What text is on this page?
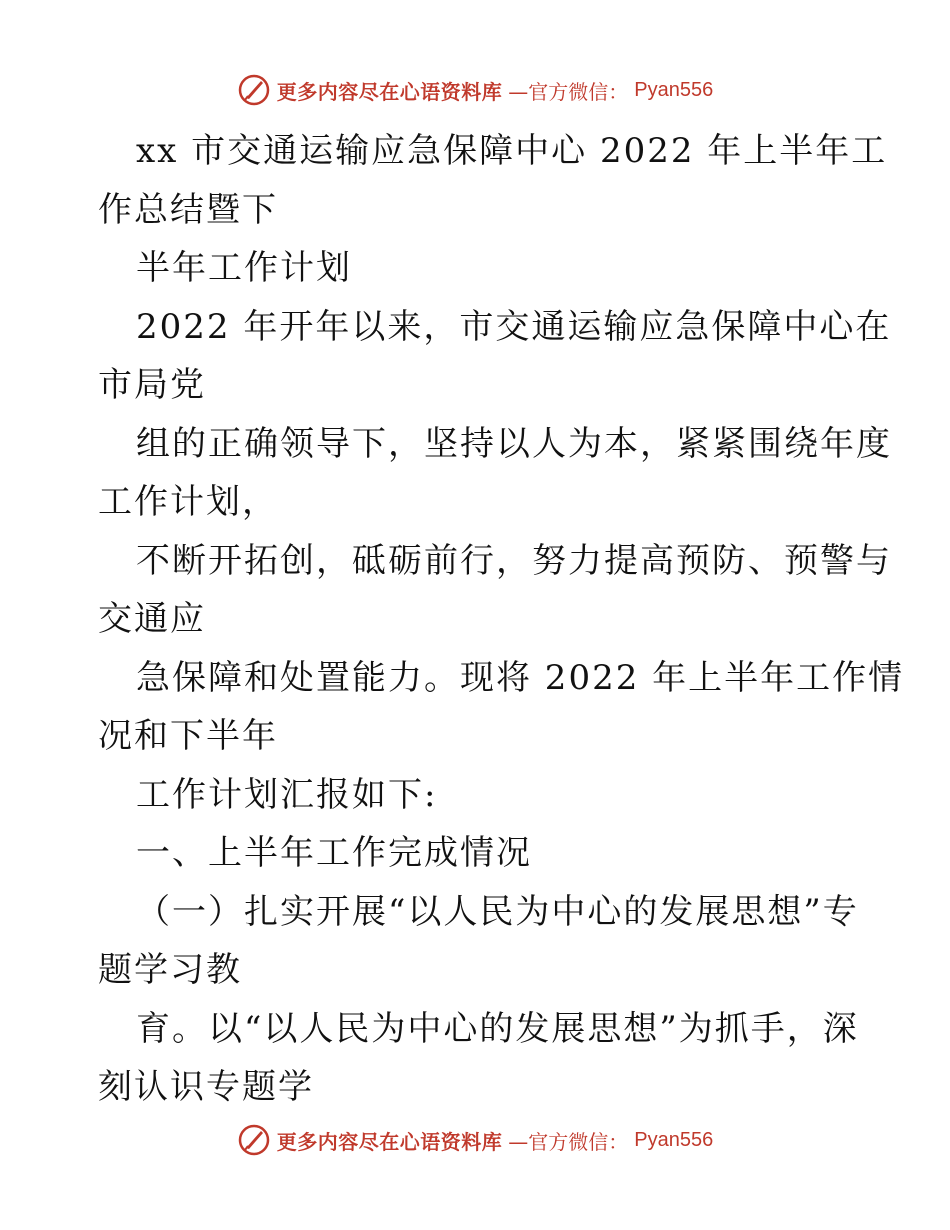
更多内容尽在心语资料库 —官方微信： Pyan556
xx 市交通运输应急保障中心 2022 年上半年工
作总结暨下
半年工作计划
2022 年开年以来，市交通运输应急保障中心在
市局党
组的正确领导下，坚持以人为本，紧紧围绕年度
工作计划，
不断开拓创，砥砺前行，努力提高预防、预警与
交通应
急保障和处置能力。现将 2022 年上半年工作情
况和下半年
工作计划汇报如下:
一、上半年工作完成情况
（一）扎实开展“以人民为中心的发展思想”专
题学习教
育。以“以人民为中心的发展思想”为抓手，深
刻认识专题学
更多内容尽在心语资料库 —官方微信： Pyan556
